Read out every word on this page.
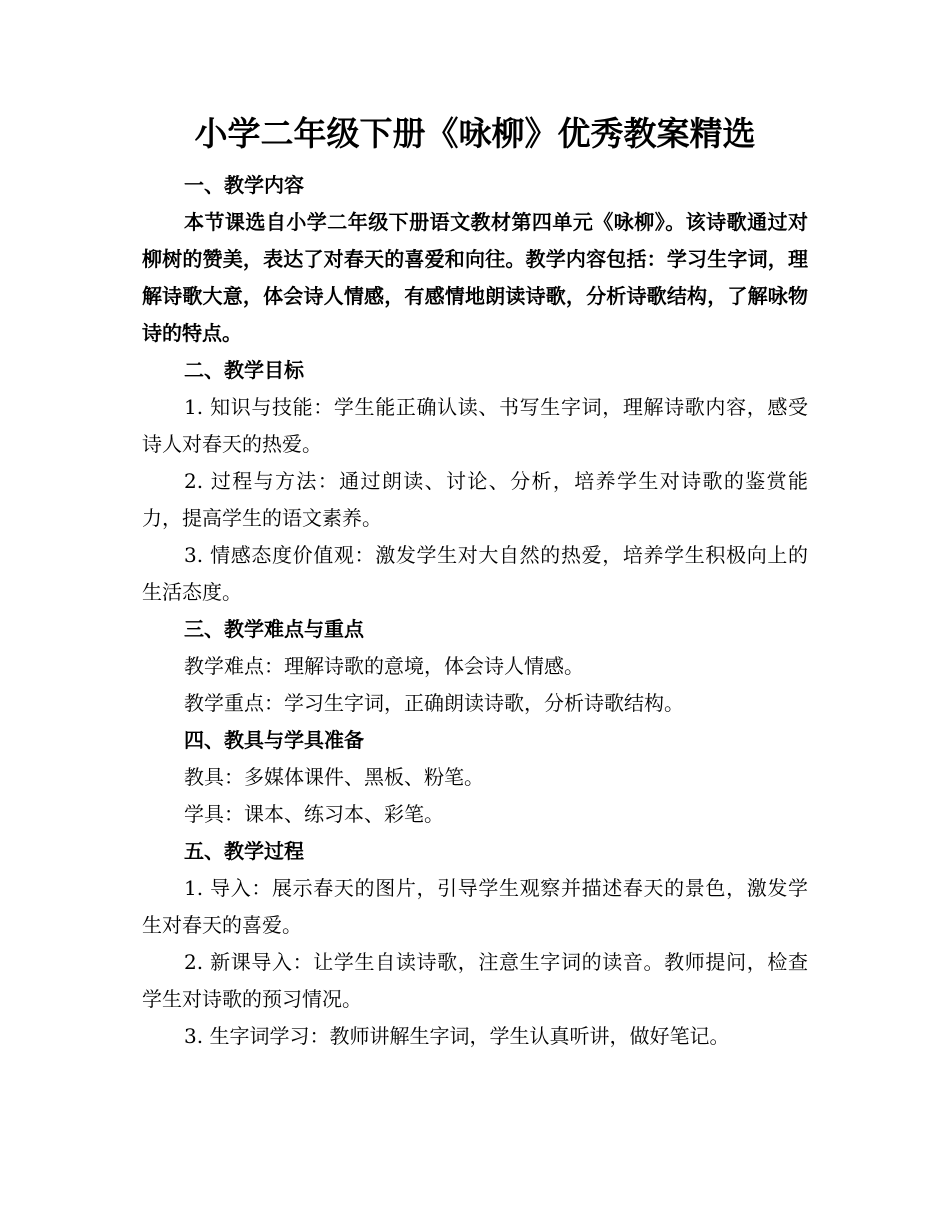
小学二年级下册《咏柳》优秀教案精选
一、教学内容

本节课选自小学二年级下册语文教材第四单元《咏柳》。该诗歌通过对柳树的赞美，表达了对春天的喜爱和向往。教学内容包括：学习生字词，理解诗歌大意，体会诗人情感，有感情地朗读诗歌，分析诗歌结构，了解咏物诗的特点。

二、教学目标

1. 知识与技能：学生能正确认读、书写生字词，理解诗歌内容，感受诗人对春天的热爱。

2. 过程与方法：通过朗读、讨论、分析，培养学生对诗歌的鉴赏能力，提高学生的语文素养。

3. 情感态度价值观：激发学生对大自然的热爱，培养学生积极向上的生活态度。

三、教学难点与重点

教学难点：理解诗歌的意境，体会诗人情感。

教学重点：学习生字词，正确朗读诗歌，分析诗歌结构。

四、教具与学具准备

教具：多媒体课件、黑板、粉笔。

学具：课本、练习本、彩笔。

五、教学过程

1. 导入：展示春天的图片，引导学生观察并描述春天的景色，激发学生对春天的喜爱。

2. 新课导入：让学生自读诗歌，注意生字词的读音。教师提问，检查学生对诗歌的预习情况。

3. 生字词学习：教师讲解生字词，学生认真听讲，做好笔记。
